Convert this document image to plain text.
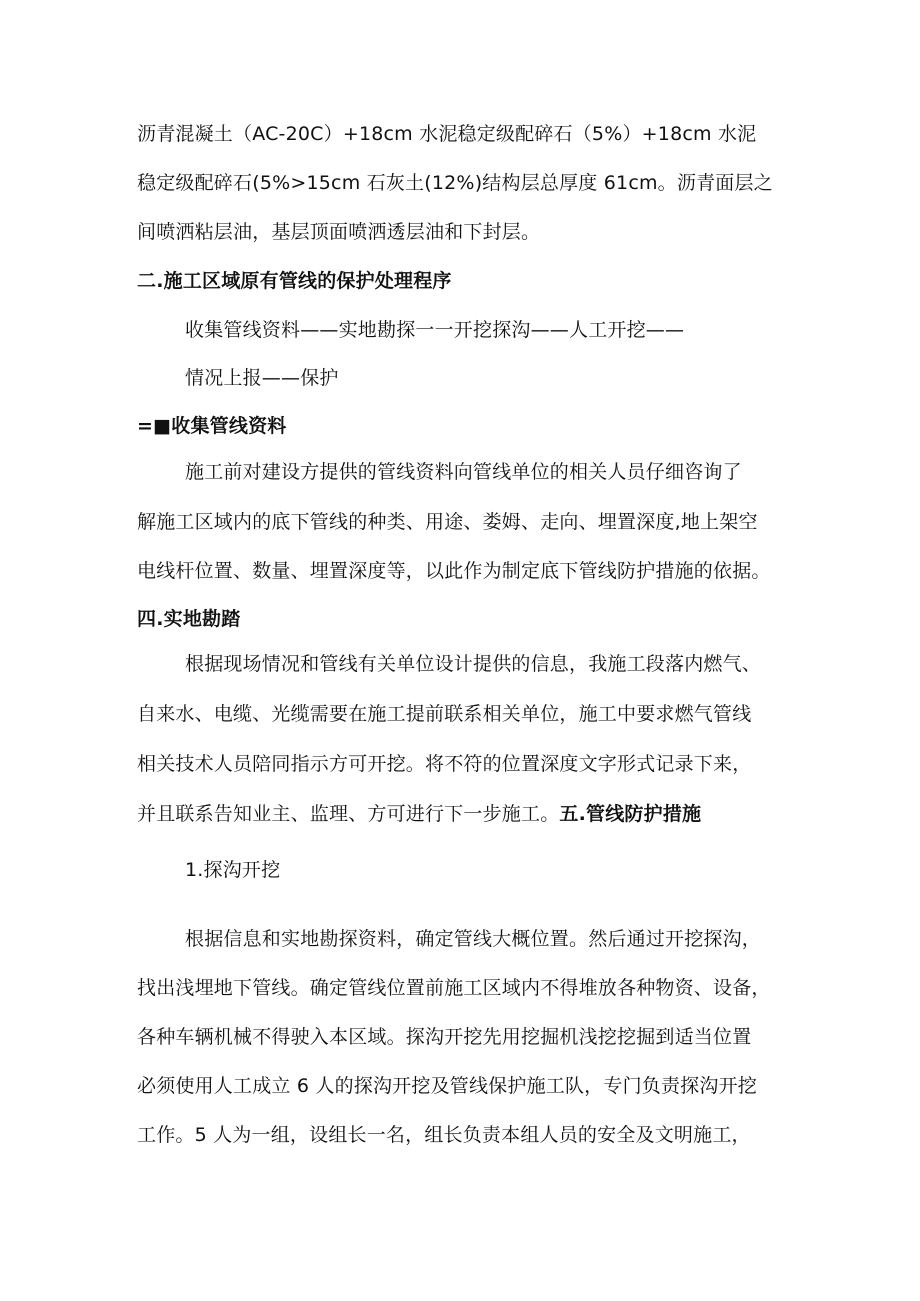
沥青混凝土（AC-20C）+18cm 水泥稳定级配碎石（5%）+18cm 水泥
稳定级配碎石(5%>15cm 石灰土(12%)结构层总厚度 61cm。沥青面层之
间喷洒粘层油，基层顶面喷洒透层油和下封层。
二.施工区域原有管线的保护处理程序
收集管线资料——实地勘探一一开挖探沟——人工开挖——
情况上报——保护
=■收集管线资料
施工前对建设方提供的管线资料向管线单位的相关人员仔细咨询了
解施工区域内的底下管线的种类、用途、娄姆、走向、埋置深度,地上架空
电线杆位置、数量、埋置深度等，以此作为制定底下管线防护措施的依据。
四.实地勘踏
根据现场情况和管线有关单位设计提供的信息，我施工段落内燃气、
自来水、电缆、光缆需要在施工提前联系相关单位，施工中要求燃气管线
相关技术人员陪同指示方可开挖。将不符的位置深度文字形式记录下来，
并且联系告知业主、监理、方可进行下一步施工。五.管线防护措施
1.探沟开挖
根据信息和实地勘探资料，确定管线大概位置。然后通过开挖探沟，
找出浅埋地下管线。确定管线位置前施工区域内不得堆放各种物资、设备，
各种车辆机械不得驶入本区域。探沟开挖先用挖掘机浅挖挖掘到适当位置
必须使用人工成立 6 人的探沟开挖及管线保护施工队，专门负责探沟开挖
工作。5 人为一组，设组长一名，组长负责本组人员的安全及文明施工，
